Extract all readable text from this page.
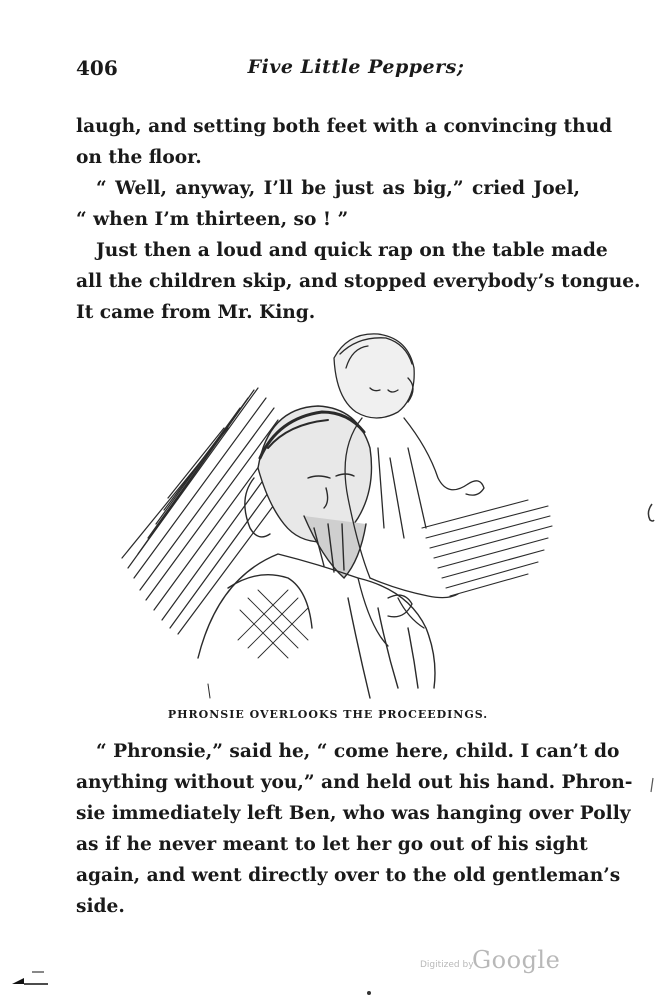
406	Five Little Peppers;

laugh, and setting both feet with a convincing thud
on the floor.

“ Well, anyway, I’ll be just as big,” cried Joel,
“ when I’m thirteen, so ! ”

Just then a loud and quick rap on the table made
all the children skip, and stopped everybody’s tongue.
It came from Mr. King.

PHRONSIE OVERLOOKS THE PROCEEDINGS.

“ Phronsie,” said he, “ come here, child. I can’t do
anything without you,” and held out his hand. Phron-
sie immediately left Ben, who was hanging over Polly
as if he never meant to let her go out of his sight
again, and went directly over to the old gentleman’s
side.

Digitized by
Google
